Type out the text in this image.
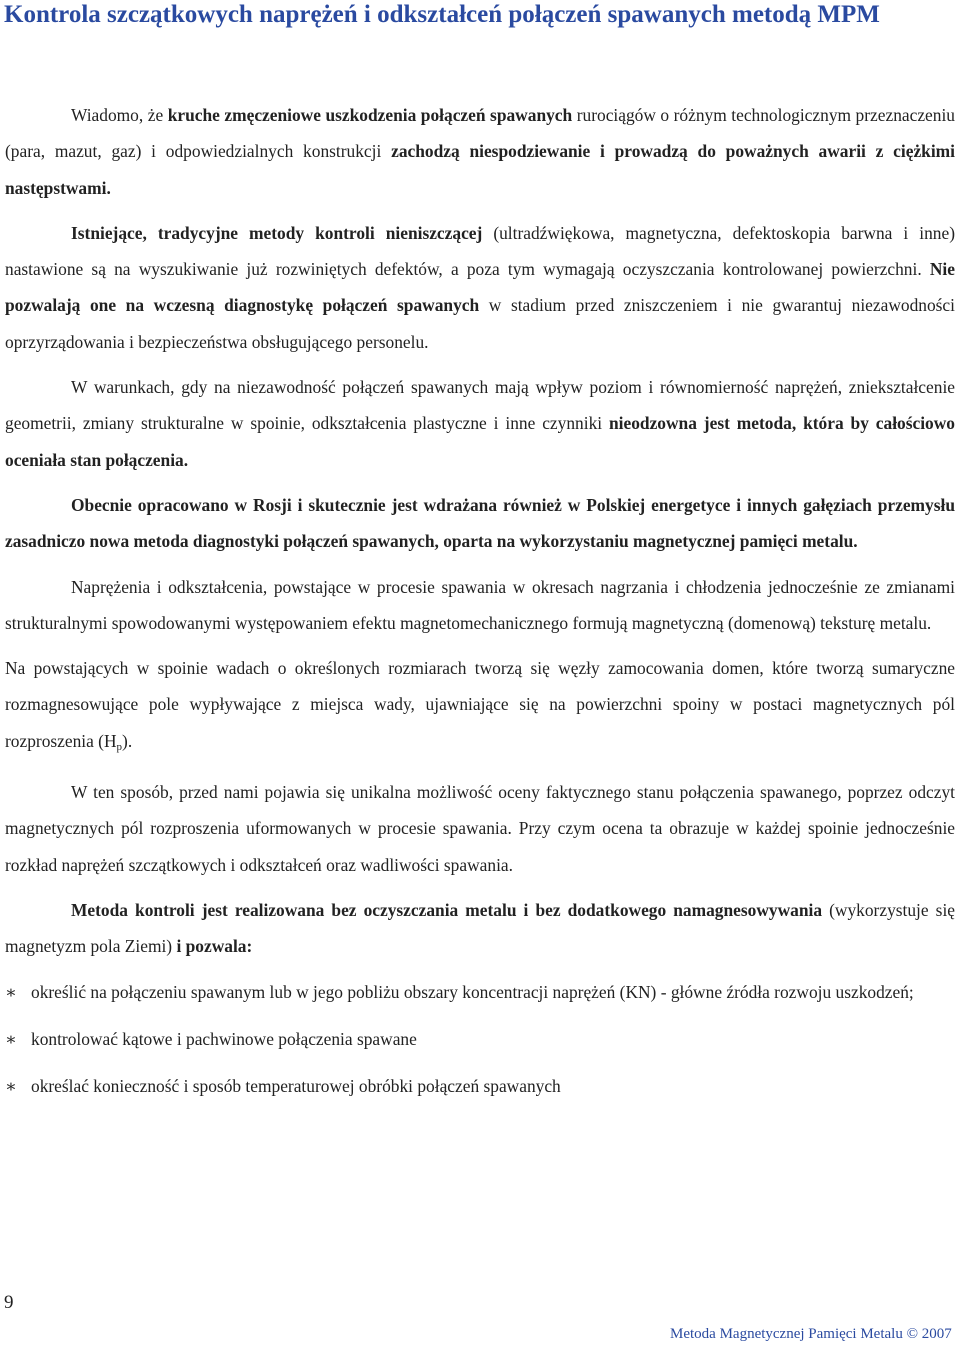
Kontrola szczątkowych naprężeń i odkształceń połączeń spawanych metodą MPM

Wiadomo, że kruche zmęczeniowe uszkodzenia połączeń spawanych rurociągów o różnym technologicznym przeznaczeniu (para, mazut, gaz) i odpowiedzialnych konstrukcji zachodzą niespodziewanie i prowadzą do poważnych awarii z ciężkimi następstwami.

Istniejące, tradycyjne metody kontroli nieniszczącej (ultradźwiękowa, magnetyczna, defektoskopia barwna i inne) nastawione są na wyszukiwanie już rozwiniętych defektów, a poza tym wymagają oczyszczania kontrolowanej powierzchni. Nie pozwalają one na wczesną diagnostykę połączeń spawanych w stadium przed zniszczeniem i nie gwarantuj niezawodności oprzyrządowania i bezpieczeństwa obsługującego personelu.

W warunkach, gdy na niezawodność połączeń spawanych mają wpływ poziom i równomierność naprężeń, zniekształcenie geometrii, zmiany strukturalne w spoinie, odkształcenia plastyczne i inne czynniki nieodzowna jest metoda, która by całościowo oceniała stan połączenia.

Obecnie opracowano w Rosji i skutecznie jest wdrażana również w Polskiej energetyce i innych gałęziach przemysłu zasadniczo nowa metoda diagnostyki połączeń spawanych, oparta na wykorzystaniu magnetycznej pamięci metalu.

Naprężenia i odkształcenia, powstające w procesie spawania w okresach nagrzania i chłodzenia jednocześnie ze zmianami strukturalnymi spowodowanymi występowaniem efektu magnetomechanicznego formują magnetyczną (domenową) teksturę metalu.

Na powstających w spoinie wadach o określonych rozmiarach tworzą się węzły zamocowania domen, które tworzą sumaryczne rozmagnesowujące pole wypływające z miejsca wady, ujawniające się na powierzchni spoiny w postaci magnetycznych pól rozproszenia $(H_p)$.

W ten sposób, przed nami pojawia się unikalna możliwość oceny faktycznego stanu połączenia spawanego, poprzez odczyt magnetycznych pól rozproszenia uformowanych w procesie spawania. Przy czym ocena ta obrazuje w każdej spoinie jednocześnie rozkład naprężeń szczątkowych i odkształceń oraz wadliwości spawania.

Metoda kontroli jest realizowana bez oczyszczania metalu i bez dodatkowego namagnesowywania (wykorzystuje się magnetyzm pola Ziemi) i pozwala:

∗ określić na połączeniu spawanym lub w jego pobliżu obszary koncentracji naprężeń (KN) - główne źródła rozwoju uszkodzeń;
∗ kontrolować kątowe i pachwinowe połączenia spawane
∗ określać konieczność i sposób temperaturowej obróbki połączeń spawanych
9
Metoda Magnetycznej Pamięci Metalu © 2007
